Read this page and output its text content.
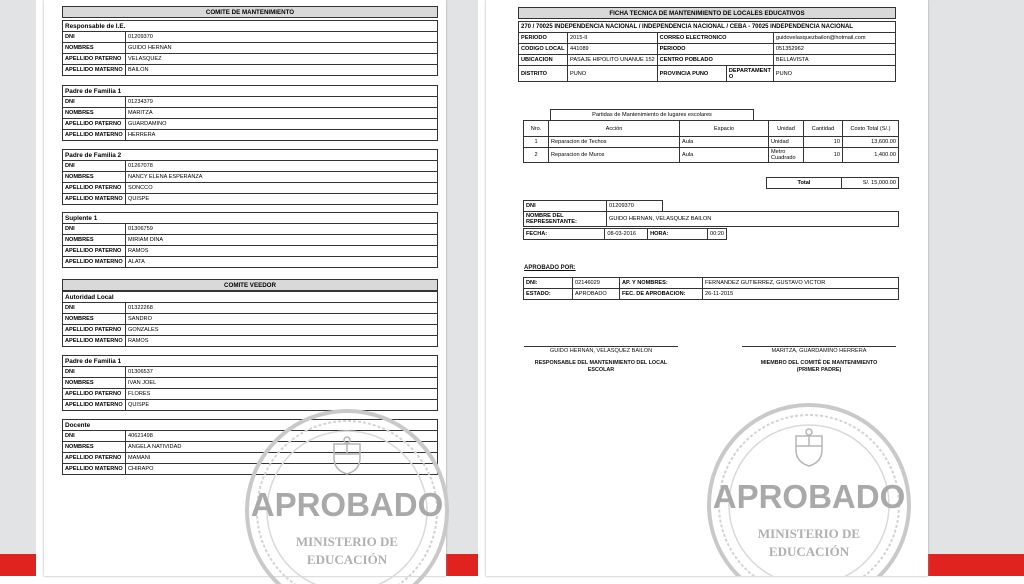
COMITE DE MANTENIMIENTO
Responsable de I.E.	
DNI	01209370
NOMBRES	GUIDO HERNAN
APELLIDO PATERNO	VELASQUEZ
APELLIDO MATERNO	BAILON
Padre de Familia 1	
DNI	01234379
NOMBRES	MARITZA
APELLIDO PATERNO	GUARDAMINO
APELLIDO MATERNO	HERRERA
Padre de Familia 2	
DNI	01267078
NOMBRES	NANCY ELENA ESPERANZA
APELLIDO PATERNO	SONCCO
APELLIDO MATERNO	QUISPE
Suplente 1	
DNI	01306759
NOMBRES	MIRIAM DINA
APELLIDO PATERNO	RAMOS
APELLIDO MATERNO	ALATA
COMITE VEEDOR
Autoridad Local	
DNI	01322268
NOMBRES	SANDRO
APELLIDO PATERNO	GONZALES
APELLIDO MATERNO	RAMOS
Padre de Familia 1	
DNI	01306537
NOMBRES	IVAN JOEL
APELLIDO PATERNO	FLORES
APELLIDO MATERNO	QUISPE
Docente	
DNI	40621498
NOMBRES	ANGELA NATIVIDAD
APELLIDO PATERNO	MAMANI
APELLIDO MATERNO	CHIRAPO
APROBADO
MINISTERIO DE
EDUCACIÓN
FICHA TECNICA DE MANTENIMIENTO DE LOCALES EDUCATIVOS
270 / 70025 INDEPENDENCIA NACIONAL / INDEPENDENCIA NACIONAL / CEBA - 70025 INDEPENDENCIA NACIONAL				
PERIODO	2015-II	CORREO ELECTRONICO		guidovelasquezbailon@hotmail.com
CODIGO LOCAL	441089	PERIODO		051352962
UBICACION	PASAJE HIPOLITO UNANUE 152	CENTRO POBLADO		BELLAVISTA
DISTRITO	PUNO	PROVINCIA PUNO	DEPARTAMENT O	PUNO
Partidas de Mantenimiento de lugares escolares
Nro.	Acción	Espacio	Unidad	Cantidad	Costo Total (S/.)
1	Reparacion de Techos	Aula	Unidad	10	13,600.00
2	Reparacion de Muros	Aula	Metro Cuadrado	10	1,400.00
Total	S/. 15,000.00
DNI	01209370
NOMBRE DEL REPRESENTANTE:	GUIDO HERNAN, VELASQUEZ BAILON
FECHA:	08-03-2016	HORA:	00:20
APROBADO POR:
DNI:	02146029	AP. Y NOMBRES:	FERNANDEZ GUTIERREZ, GUSTAVO VICTOR
ESTADO:	APROBADO	FEC. DE APROBACION:	26-11-2015
GUIDO HERNAN, VELASQUEZ BAILON
RESPONSABLE DEL MANTENIMIENTO DEL LOCAL
ESCOLAR
MARITZA, GUARDAMINO HERRERA
MIEMBRO DEL COMITÉ DE MANTENIMIENTO
(PRIMER PADRE)
APROBADO
MINISTERIO DE
EDUCACIÓN
